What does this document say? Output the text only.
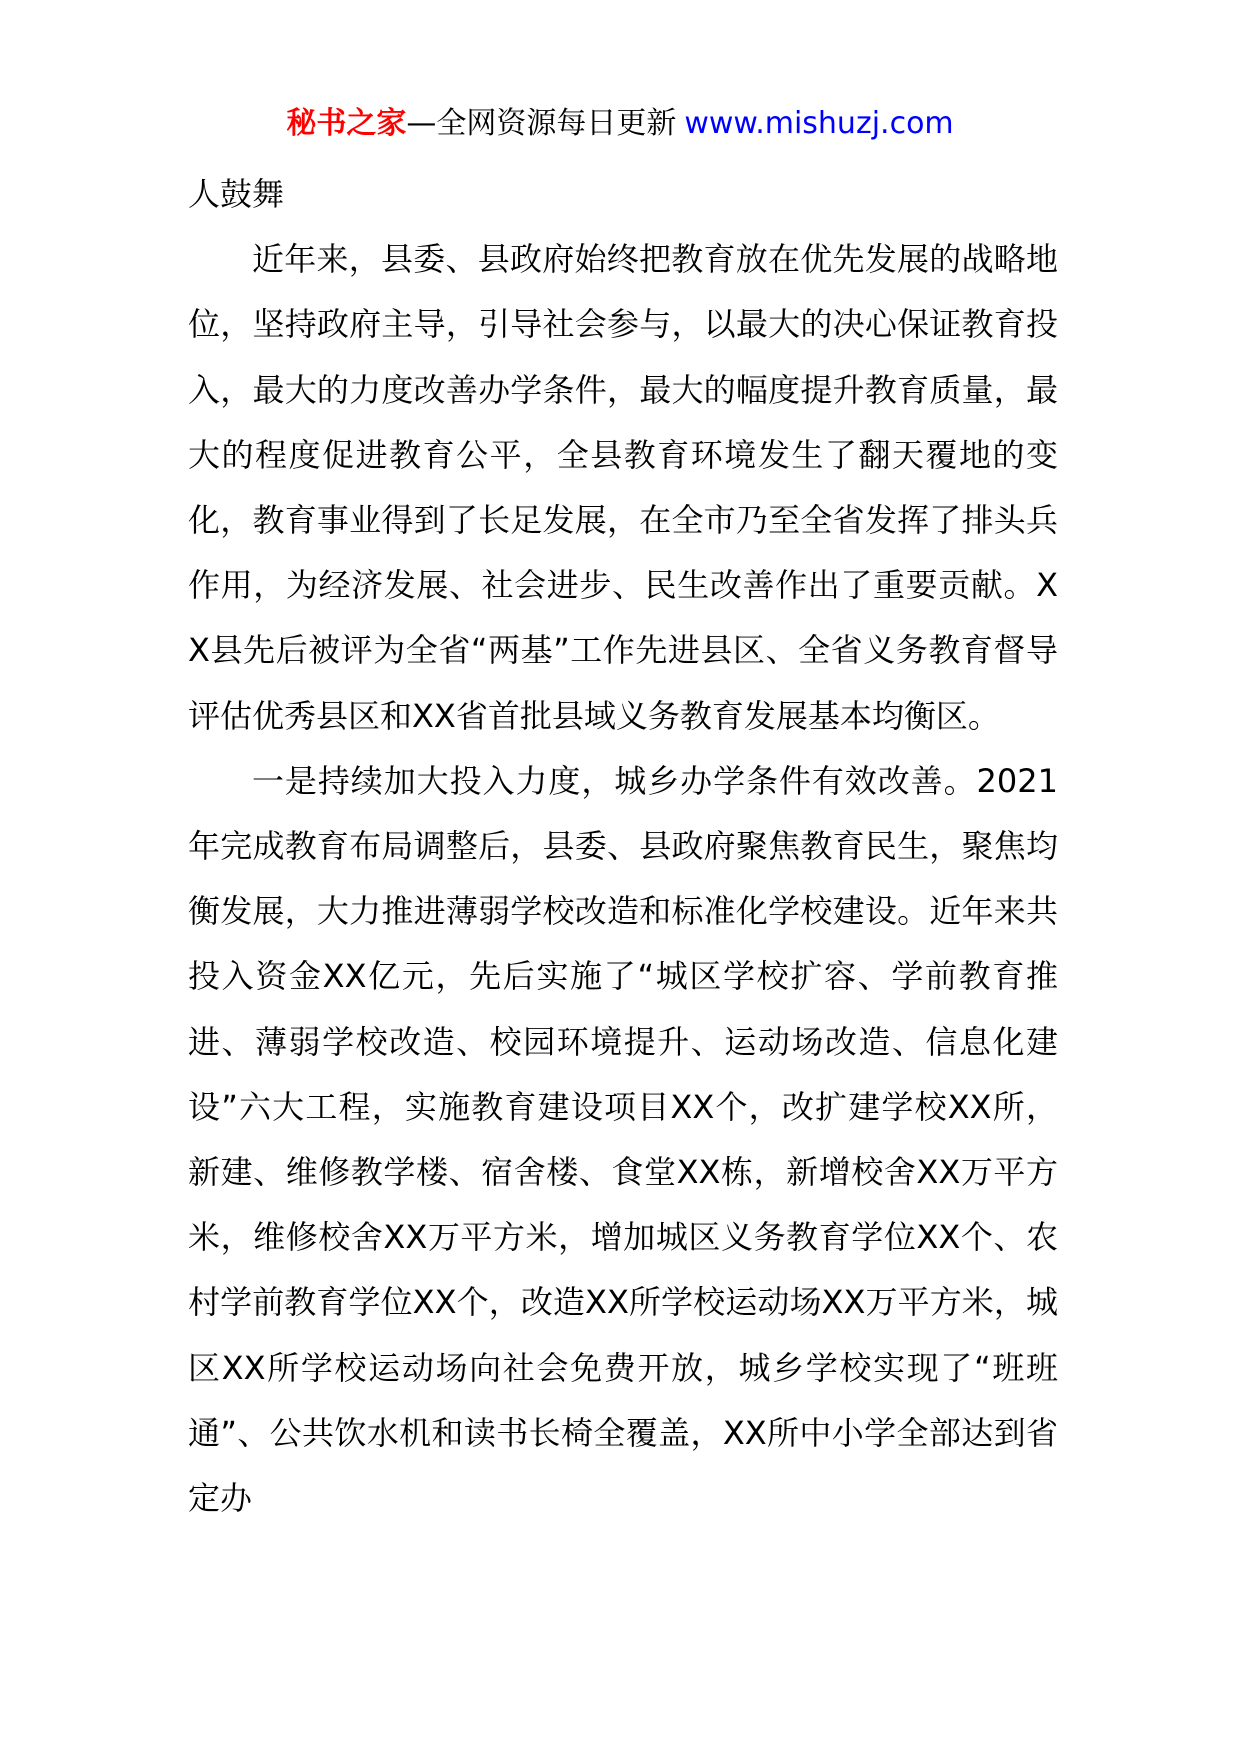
秘书之家—全网资源每日更新 www.mishuzj.com

人鼓舞

近年来，县委、县政府始终把教育放在优先发展的战略地位，坚持政府主导，引导社会参与，以最大的决心保证教育投入，最大的力度改善办学条件，最大的幅度提升教育质量，最大的程度促进教育公平，全县教育环境发生了翻天覆地的变化，教育事业得到了长足发展，在全市乃至全省发挥了排头兵作用，为经济发展、社会进步、民生改善作出了重要贡献。XX县先后被评为全省“两基”工作先进县区、全省义务教育督导评估优秀县区和XX省首批县域义务教育发展基本均衡区。

一是持续加大投入力度，城乡办学条件有效改善。2021年完成教育布局调整后，县委、县政府聚焦教育民生，聚焦均衡发展，大力推进薄弱学校改造和标准化学校建设。近年来共投入资金XX亿元，先后实施了“城区学校扩容、学前教育推进、薄弱学校改造、校园环境提升、运动场改造、信息化建设”六大工程，实施教育建设项目XX个，改扩建学校XX所，新建、维修教学楼、宿舍楼、食堂XX栋，新增校舍XX万平方米，维修校舍XX万平方米，增加城区义务教育学位XX个、农村学前教育学位XX个，改造XX所学校运动场XX万平方米，城区XX所学校运动场向社会免费开放，城乡学校实现了“班班通”、公共饮水机和读书长椅全覆盖，XX所中小学全部达到省定办
